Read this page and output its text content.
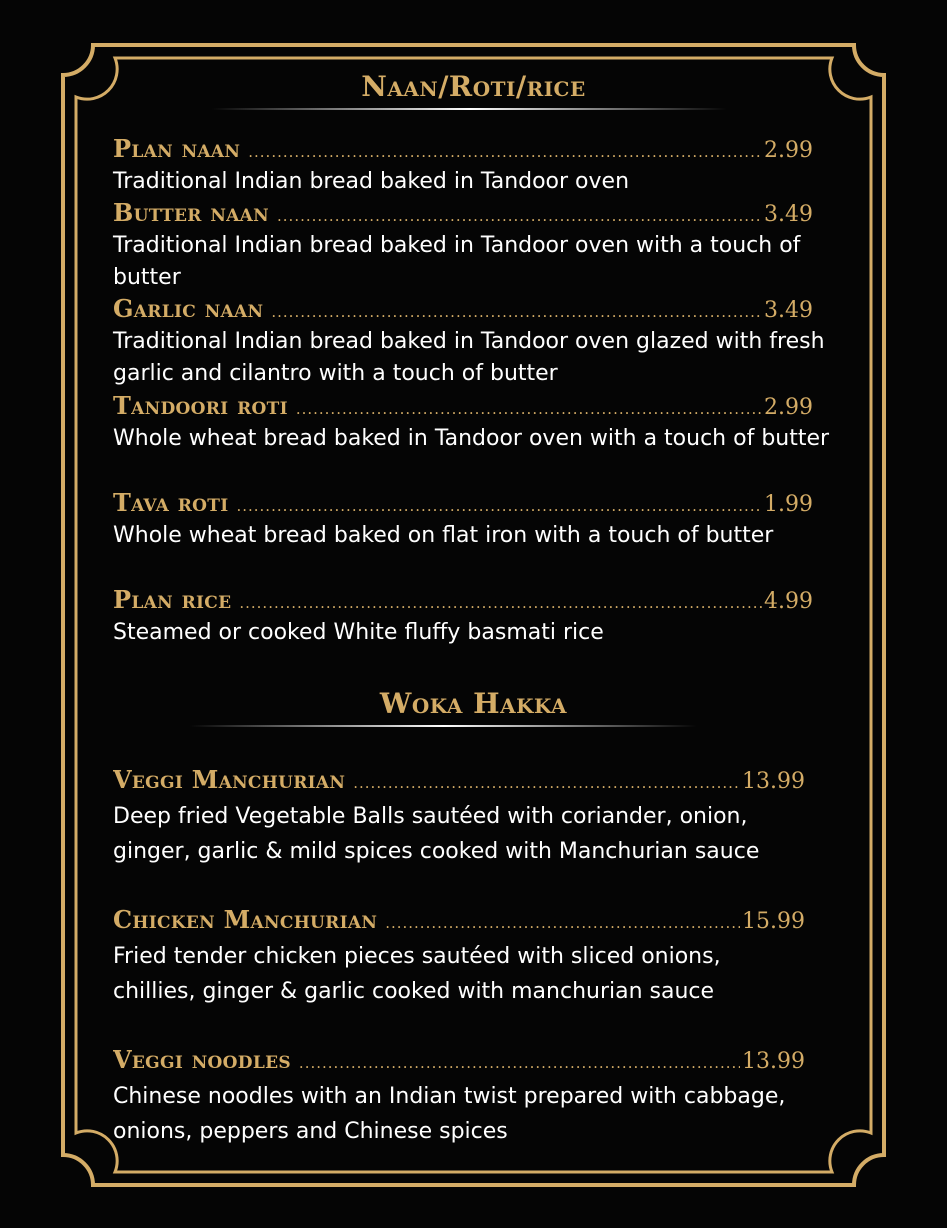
Naan/Roti/rice
Plan naan .....	2.99
Traditional Indian bread baked in Tandoor oven
Butter naan .....	3.49
Traditional Indian bread baked in Tandoor oven with a touch of butter
Garlic naan .....	3.49
Traditional Indian bread baked in Tandoor oven glazed with fresh garlic and cilantro with a touch of butter
Tandoori roti .....	2.99
Whole wheat bread baked in Tandoor oven with a touch of butter
Tava roti .....	1.99
Whole wheat bread baked on flat iron with a touch of butter
Plan rice .....	4.99
Steamed or cooked White fluffy basmati rice
Woka Hakka
Veggi Manchurian .....	13.99
Deep fried Vegetable Balls sautéed with coriander, onion, ginger, garlic & mild spices cooked with Manchurian sauce
Chicken Manchurian .....	15.99
Fried tender chicken pieces sautéed with sliced onions, chillies, ginger & garlic cooked with manchurian sauce
Veggi noodles .....	13.99
Chinese noodles with an Indian twist prepared with cabbage, onions, peppers and Chinese spices
